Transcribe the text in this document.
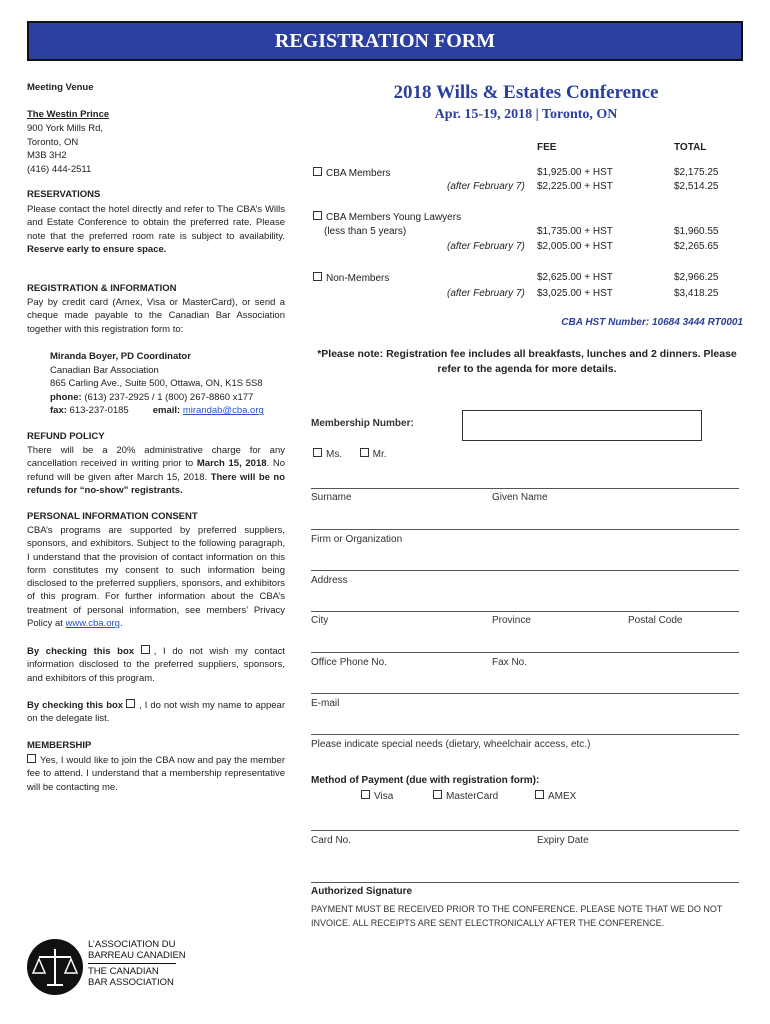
REGISTRATION FORM
Meeting Venue
The Westin Prince
900 York Mills Rd,
Toronto, ON
M3B 3H2
(416) 444-2511
RESERVATIONS
Please contact the hotel directly and refer to The CBA’s Wills and Estate Conference to obtain the preferred rate. Please note that the preferred room rate is subject to availability. Reserve early to ensure space.
REGISTRATION & INFORMATION
Pay by credit card (Amex, Visa or MasterCard), or send a cheque made payable to the Canadian Bar Association together with this registration form to:
Miranda Boyer, PD Coordinator
Canadian Bar Association
865 Carling Ave., Suite 500, Ottawa, ON, K1S 5S8
phone: (613) 237-2925 / 1 (800) 267-8860 x177
fax: 613-237-0185	email: mirandab@cba.org
REFUND POLICY
There will be a 20% administrative charge for any cancellation received in writing prior to March 15, 2018. No refund will be given after March 15, 2018. There will be no refunds for “no-show” registrants.
PERSONAL INFORMATION CONSENT
CBA’s programs are supported by preferred suppliers, sponsors, and exhibitors. Subject to the following paragraph, I understand that the provision of contact information on this form constitutes my consent to such information being disclosed to the preferred suppliers, sponsors, and exhibitors of this program. For further information about the CBA’s treatment of personal information, see members’ Privacy Policy at www.cba.org.
By checking this box , I do not wish my contact information disclosed to the preferred suppliers, sponsors, and exhibitors of this program.
By checking this box , I do not wish my name to appear on the delegate list.
MEMBERSHIP
Yes, I would like to join the CBA now and pay the member fee to attend. I understand that a membership representative will be contacting me.
L’ASSOCIATION DU
BARREAU CANADIEN
THE CANADIAN
BAR ASSOCIATION
2018 Wills & Estates Conference
Apr. 15-19, 2018 | Toronto, ON
FEE	TOTAL
CBA Members	$1,925.00 + HST	$2,175.25
(after February 7) $2,225.00 + HST	$2,514.25
CBA Members Young Lawyers
(less than 5 years)	$1,735.00 + HST	$1,960.55
(after February 7) $2,005.00 + HST	$2,265.65
Non-Members	$2,625.00 + HST	$2,966.25
(after February 7) $3,025.00 + HST	$3,418.25
CBA HST Number: 10684 3444 RT0001
*Please note: Registration fee includes all breakfasts, lunches and 2 dinners. Please refer to the agenda for more details.
Membership Number:
Ms.	Mr.
Surname	Given Name
Firm or Organization
Address
City	Province	Postal Code
Office Phone No.	Fax No.
E-mail
Please indicate special needs (dietary, wheelchair access, etc.)
Method of Payment (due with registration form):
Visa	MasterCard	AMEX
Card No.	Expiry Date
Authorized Signature
PAYMENT MUST BE RECEIVED PRIOR TO THE CONFERENCE. PLEASE NOTE THAT WE DO NOT
INVOICE. ALL RECEIPTS ARE SENT ELECTRONICALLY AFTER THE CONFERENCE.
